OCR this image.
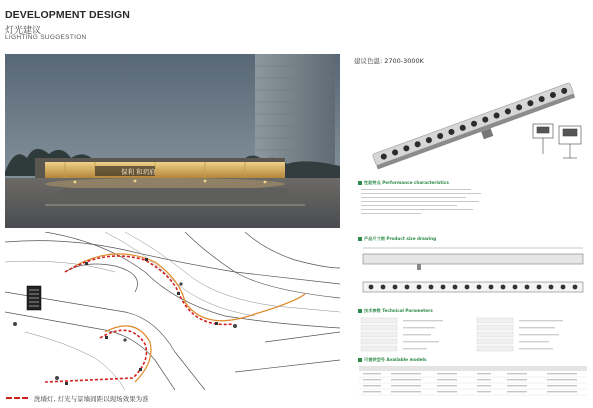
DEVELOPMENT DESIGN
灯光建议
LIGHTING SUGGESTION
保利 和玥府
洗墙灯, 灯光与景墙间距以现场效果为准
性能特点 Performance characteristics
产品尺寸图 Product size drawing
技术参数 Technical Parameters
可提供型号 Available models
建议色温: 2700-3000K
